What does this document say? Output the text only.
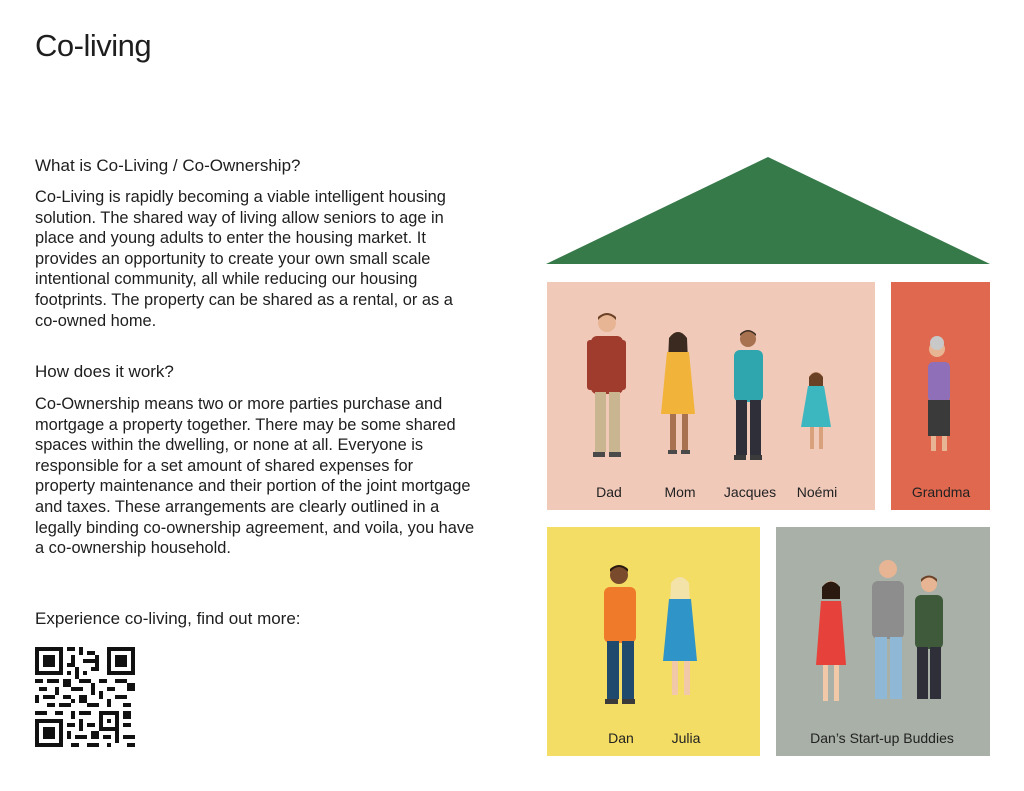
Co-living
What is Co-Living / Co-Ownership?

Co-Living is rapidly becoming a viable intelligent housing solution. The shared way of living allow seniors to age in place and young adults to enter the housing market. It provides an opportunity to create your own small scale intentional community, all while reducing our housing footprints. The property can be shared as a rental, or as a co-owned home.

How does it work?

Co-Ownership means two or more parties purchase and mortgage a property together. There may be some shared spaces within the dwelling, or none at all. Everyone is responsible for a set amount of shared expenses for property maintenance and their portion of the joint mortgage and taxes. These arrangements are clearly outlined in a legally binding co-ownership agreement, and voila, you have a co-ownership household.

Experience co-living, find out more:
Dad	Mom Jacques Noémi	Grandma
Dan	Julia	Dan’s Start-up Buddies
